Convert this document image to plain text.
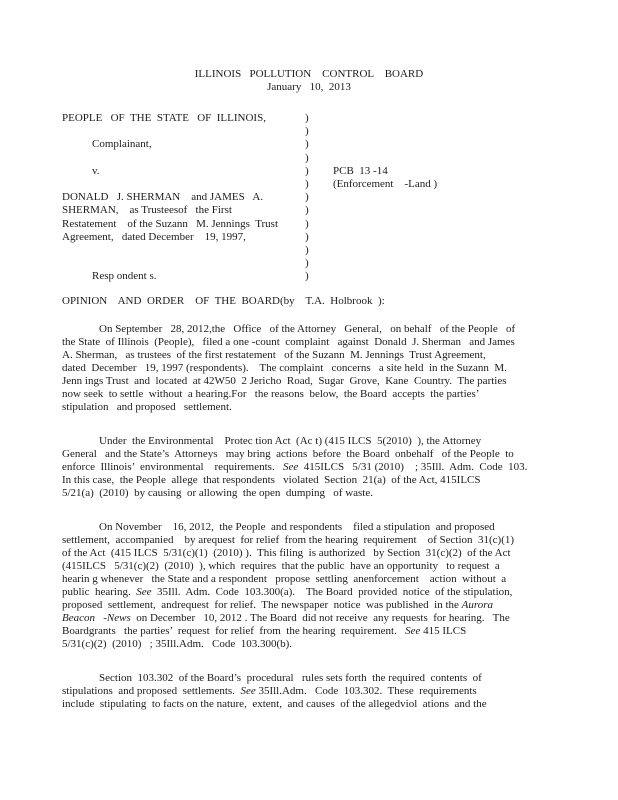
ILLINOIS   POLLUTION    CONTROL    BOARD
January   10,  2013
PEOPLE   OF  THE  STATE   OF  ILLINOIS,	)
)
Complainant,	)
)
v.	)	PCB  13 -14
)	(Enforcement    -Land )
DONALD   J. SHERMAN    and JAMES   A.	)
SHERMAN,    as Trusteesof   the First	)
Restatement    of the Suzann   M. Jennings  Trust	)
Agreement,   dated December    19, 1997,	)
)
)
Resp ondent s.	)
OPINION    AND  ORDER    OF  THE  BOARD(by    T.A.  Holbrook  ):
On September   28, 2012,the   Office   of the Attorney   General,   on behalf   of the People   of
the State  of Illinois  (People),   filed a one -count  complaint   against  Donald  J. Sherman   and James
A. Sherman,   as trustees  of the first restatement   of the Suzann  M. Jennings  Trust Agreement,
dated  December   19, 1997 (respondents).    The complaint   concerns   a site held  in the Suzann  M.
Jenn ings Trust  and  located  at 42W50  2 Jericho  Road,  Sugar  Grove,  Kane  Country.  The parties
now seek  to settle  without  a hearing.For   the reasons  below,  the Board  accepts  the parties’
stipulation   and proposed   settlement.
Under  the Environmental    Protec tion Act  (Ac t) (415 ILCS  5(2010)  ), the Attorney
General   and the State’s  Attorneys   may bring  actions  before  the Board  onbehalf   of the People  to
enforce  Illinois’  environmental    requirements.   See  415ILCS   5/31 (2010)    ; 35Ill.  Adm.  Code  103.
In this case,  the People  allege  that respondents   violated  Section  21(a)  of the Act, 415ILCS
5/21(a)  (2010)  by causing  or allowing  the open  dumping   of waste.
On November    16, 2012,  the People  and respondents    filed a stipulation  and proposed
settlement,  accompanied    by arequest  for relief  from the hearing  requirement    of Section  31(c)(1)
of the Act  (415 ILCS  5/31(c)(1)  (2010) ).  This filing  is authorized   by Section  31(c)(2)  of the Act
(415ILCS   5/31(c)(2)  (2010)  ), which  requires  that the public  have an opportunity   to request  a
hearin g whenever   the State and a respondent   propose  settling  anenforcement    action  without  a
public  hearing.  See  35Ill.  Adm.  Code  103.300(a).    The Board  provided  notice  of the stipulation,
proposed  settlement,  andrequest  for relief.  The newspaper  notice  was published  in the Aurora
Beacon   -News  on December   10, 2012 . The Board  did not receive  any requests  for hearing.   The
Boardgrants   the parties’  request  for relief  from  the hearing  requirement.   See 415 ILCS
5/31(c)(2)  (2010)   ; 35Ill.Adm.   Code  103.300(b).
Section  103.302  of the Board’s  procedural   rules sets forth  the required  contents  of
stipulations  and proposed  settlements.  See 35Ill.Adm.   Code  103.302.  These  requirements
include  stipulating  to facts on the nature,  extent,  and causes  of the allegedviol  ations  and the
